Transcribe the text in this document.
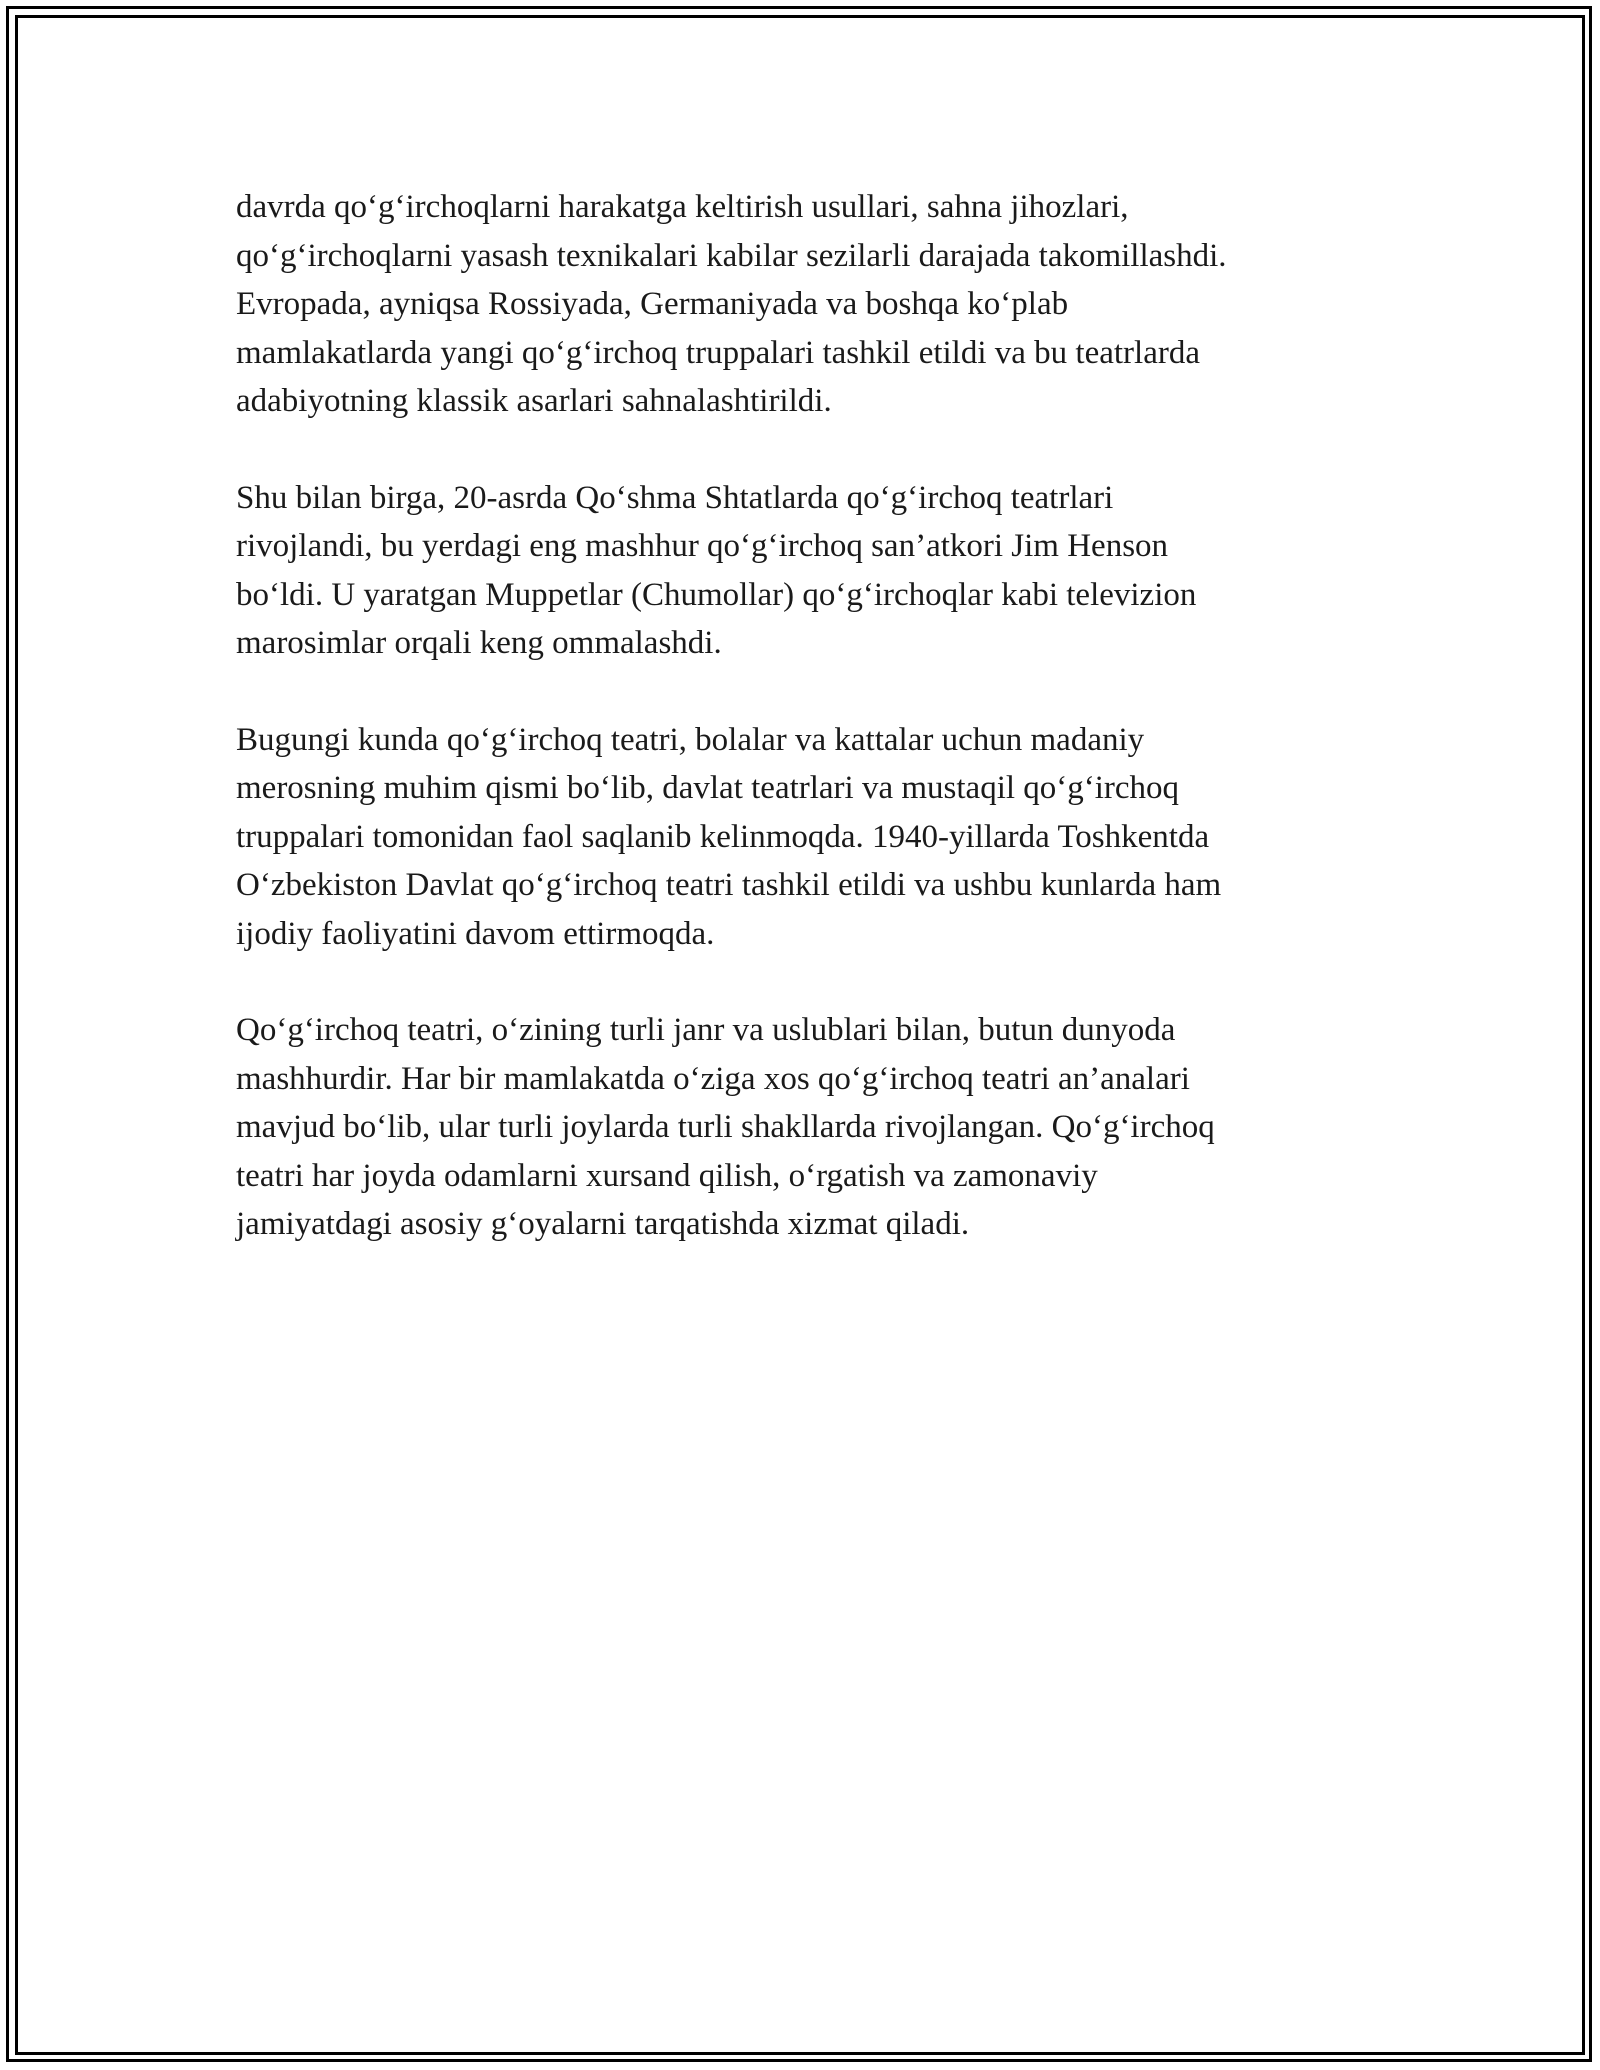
davrda qo‘g‘irchoqlarni harakatga keltirish usullari, sahna jihozlari,
qo‘g‘irchoqlarni yasash texnikalari kabilar sezilarli darajada takomillashdi.
Evropada, ayniqsa Rossiyada, Germaniyada va boshqa ko‘plab
mamlakatlarda yangi qo‘g‘irchoq truppalari tashkil etildi va bu teatrlarda
adabiyotning klassik asarlari sahnalashtirildi.

Shu bilan birga, 20-asrda Qo‘shma Shtatlarda qo‘g‘irchoq teatrlari
rivojlandi, bu yerdagi eng mashhur qo‘g‘irchoq san’atkori Jim Henson
bo‘ldi. U yaratgan Muppetlar (Chumollar) qo‘g‘irchoqlar kabi televizion
marosimlar orqali keng ommalashdi.

Bugungi kunda qo‘g‘irchoq teatri, bolalar va kattalar uchun madaniy
merosning muhim qismi bo‘lib, davlat teatrlari va mustaqil qo‘g‘irchoq
truppalari tomonidan faol saqlanib kelinmoqda. 1940-yillarda Toshkentda
O‘zbekiston Davlat qo‘g‘irchoq teatri tashkil etildi va ushbu kunlarda ham
ijodiy faoliyatini davom ettirmoqda.

Qo‘g‘irchoq teatri, o‘zining turli janr va uslublari bilan, butun dunyoda
mashhurdir. Har bir mamlakatda o‘ziga xos qo‘g‘irchoq teatri an’analari
mavjud bo‘lib, ular turli joylarda turli shakllarda rivojlangan. Qo‘g‘irchoq
teatri har joyda odamlarni xursand qilish, o‘rgatish va zamonaviy
jamiyatdagi asosiy g‘oyalarni tarqatishda xizmat qiladi.
